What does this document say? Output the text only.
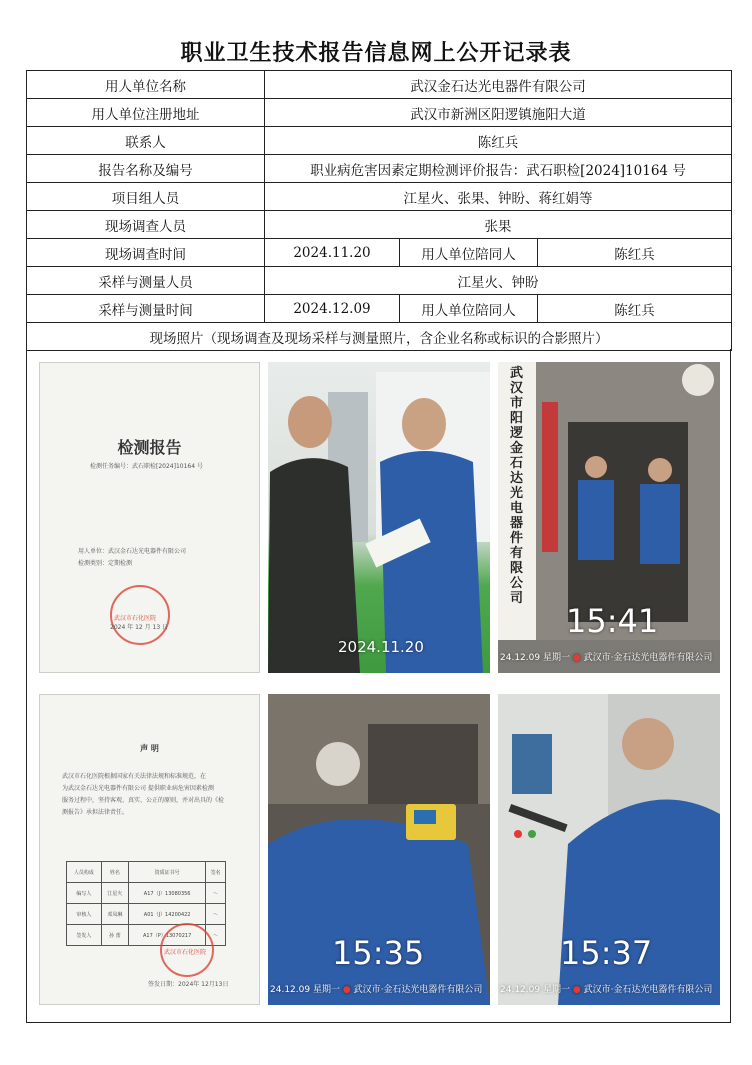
职业卫生技术报告信息网上公开记录表
用人单位名称	武汉金石达光电器件有限公司		
用人单位注册地址	武汉市新洲区阳逻镇施阳大道		
联系人	陈红兵		
报告名称及编号	职业病危害因素定期检测评价报告：武石职检[2024]10164 号		
项目组人员	江星火、张果、钟盼、蒋红娟等		
现场调查人员	张果		
现场调查时间	2024.11.20	用人单位陪同人	陈红兵
采样与测量人员	江星火、钟盼		
采样与测量时间	2024.12.09	用人单位陪同人	陈红兵
现场照片（现场调查及现场采样与测量照片，含企业名称或标识的合影照片）			
检测报告
检测任务编号：武石职检[2024]10164 号
用人单位：武汉金石达光电器件有限公司
检测类别：定期检测
武汉市石化医院
2024 年 12 月 13 日
2024.11.20
武汉市阳逻金石达光电器件有限公司
15:41
24.12.09 星期一 ● 武汉市·金石达光电器件有限公司
声 明
武汉市石化医院根据国家有关法律法规和标准规范，在
为武汉金石达光电器件有限公司 提供职业病危害因素检测
服务过程中，坚持客观、真实、公正的原则，并对出具的《检
测报告》承担法律责任。
人员构成	姓名	资质证书号	签名
编写人	江星火	A17（J）13080356	～
审核人	邓凤琳	A01（J）14200422	～
签发人	孙 蕾	A17（P）13070217	～
武汉市石化医院
签发日期：2024年 12月13日
15:35
24.12.09 星期一 ● 武汉市·金石达光电器件有限公司
15:37
24.12.09 星期一 ● 武汉市·金石达光电器件有限公司
